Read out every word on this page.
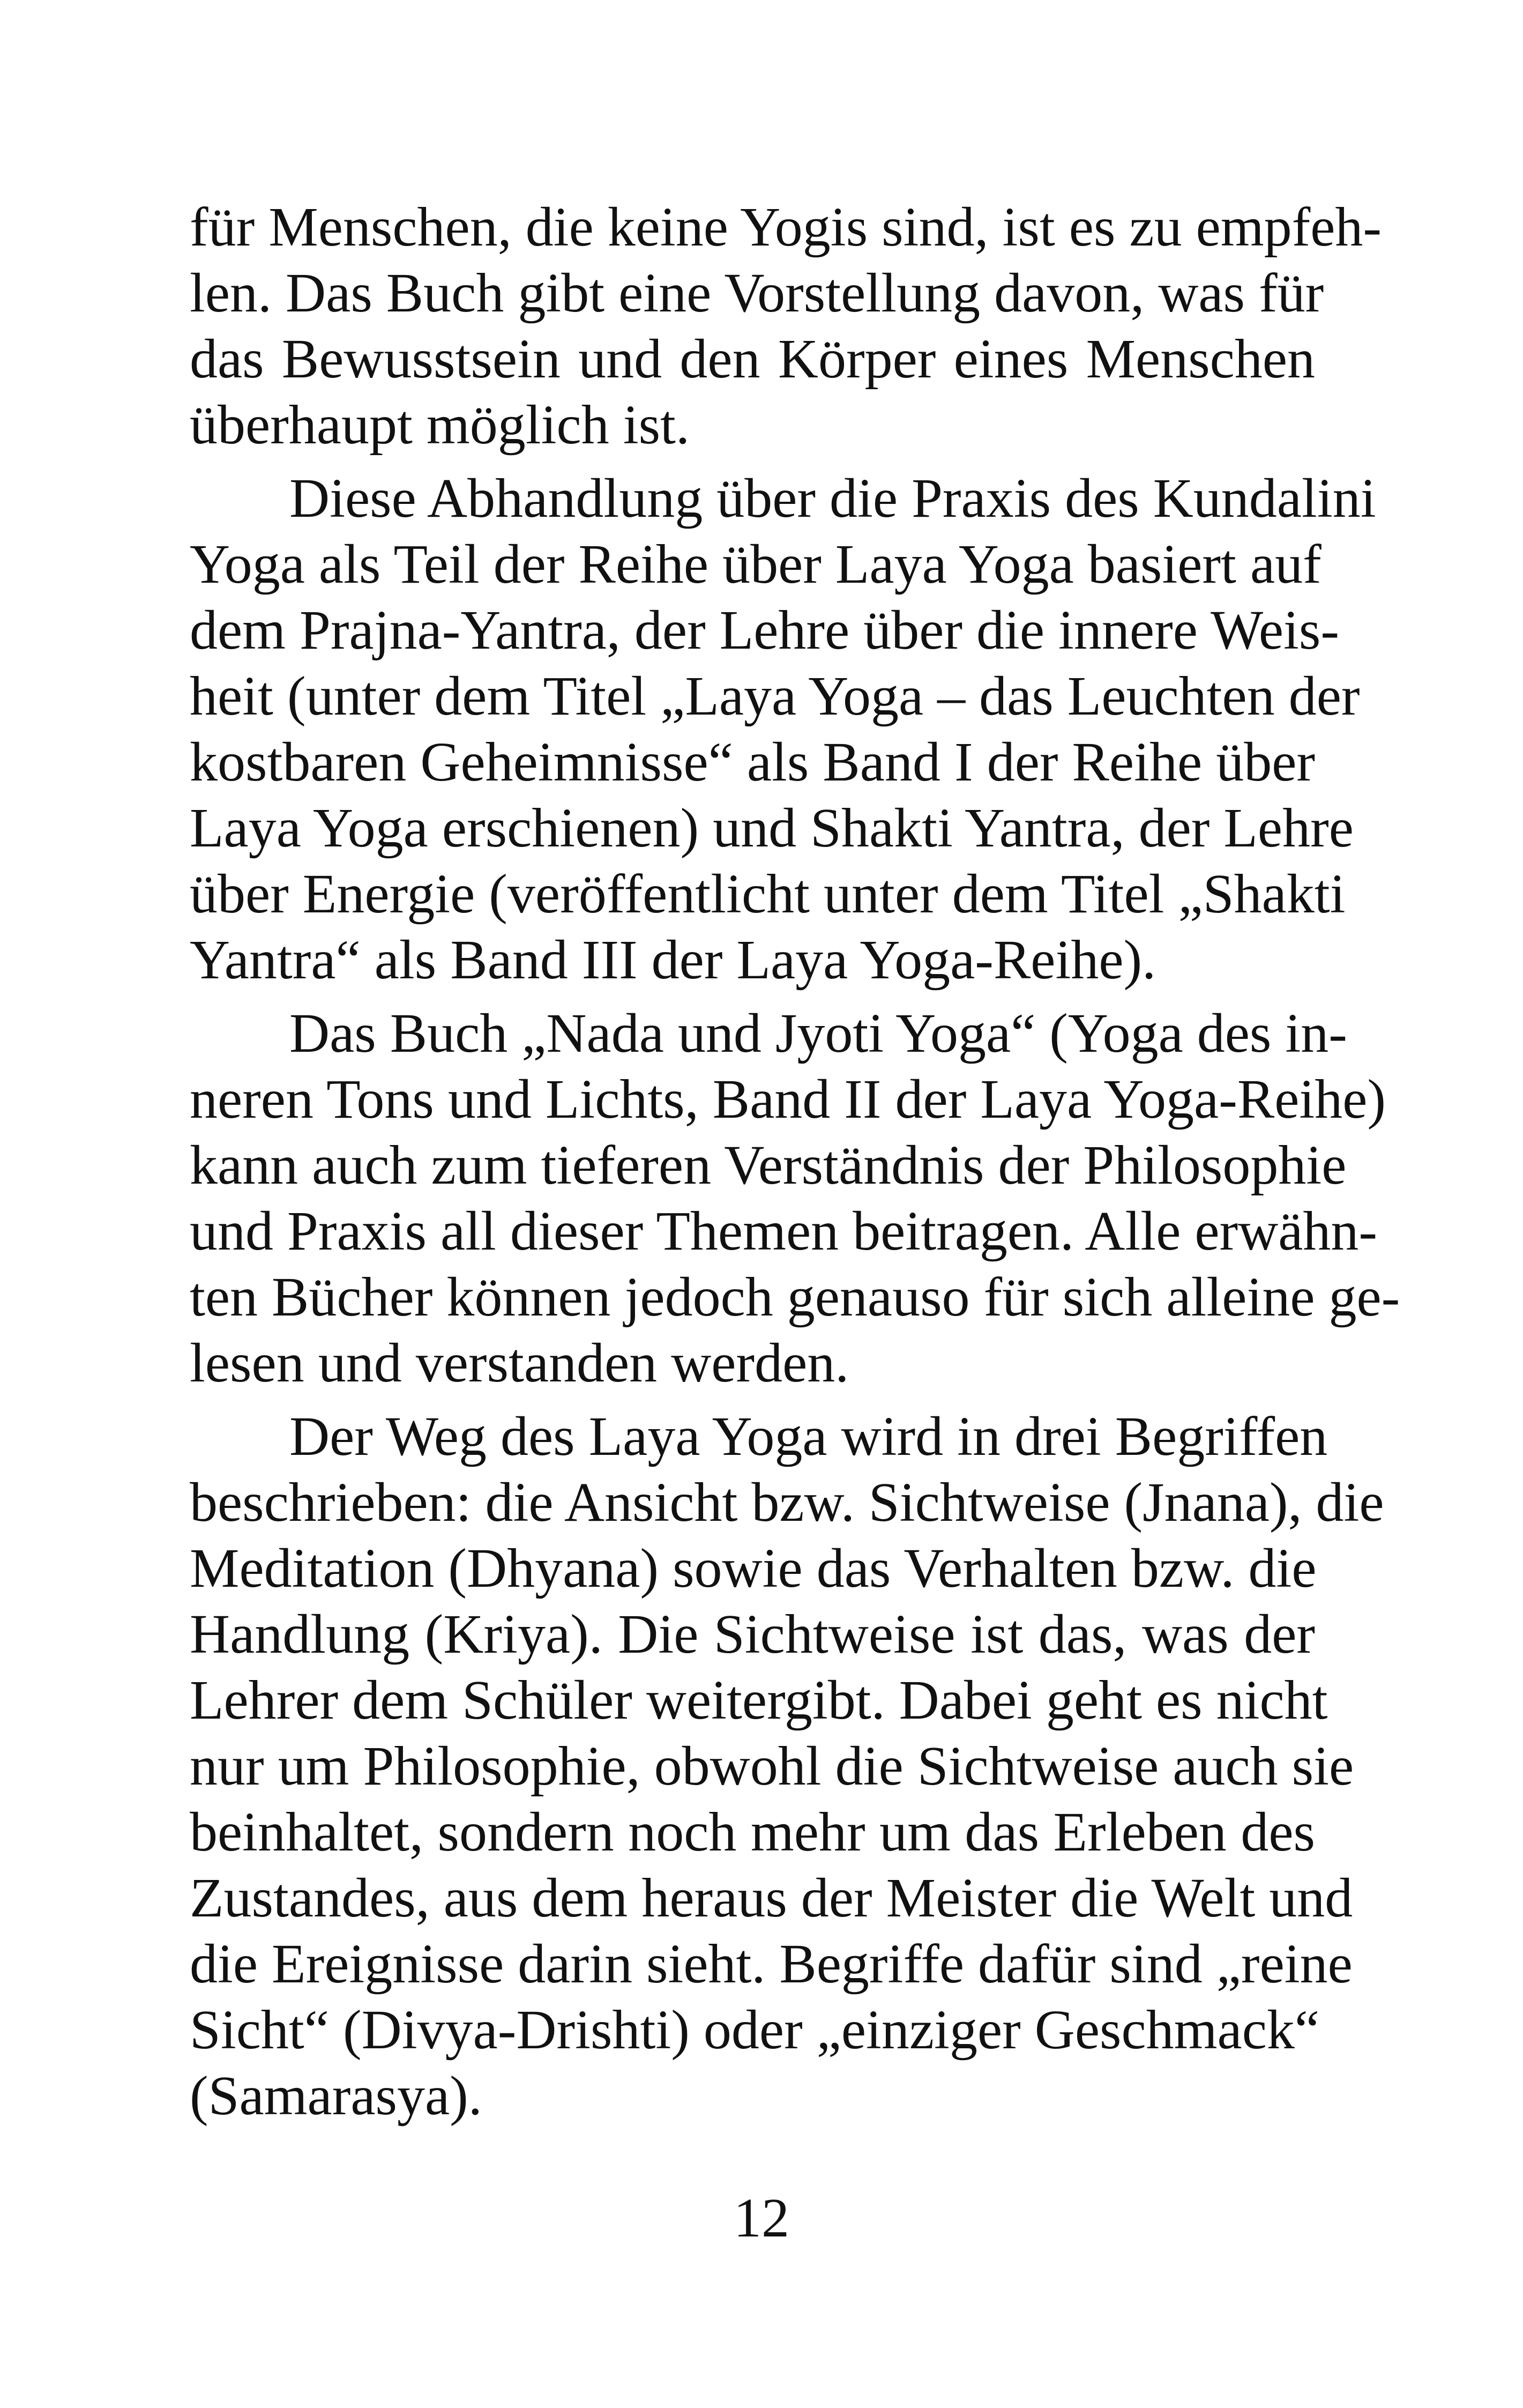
für Menschen, die keine Yogis sind, ist es zu empfeh-
len. Das Buch gibt eine Vorstellung davon, was für
das Bewusstsein und den Körper eines Menschen
überhaupt möglich ist.
Diese Abhandlung über die Praxis des Kundalini
Yoga als Teil der Reihe über Laya Yoga basiert auf
dem Prajna-Yantra, der Lehre über die innere Weis-
heit (unter dem Titel „Laya Yoga – das Leuchten der
kostbaren Geheimnisse“ als Band I der Reihe über
Laya Yoga erschienen) und Shakti Yantra, der Lehre
über Energie (veröffentlicht unter dem Titel „Shakti
Yantra“ als Band III der Laya Yoga-Reihe).
Das Buch „Nada und Jyoti Yoga“ (Yoga des in-
neren Tons und Lichts, Band II der Laya Yoga-Reihe)
kann auch zum tieferen Verständnis der Philosophie
und Praxis all dieser Themen beitragen. Alle erwähn-
ten Bücher können jedoch genauso für sich alleine ge-
lesen und verstanden werden.
Der Weg des Laya Yoga wird in drei Begriffen
beschrieben: die Ansicht bzw. Sichtweise (Jnana), die
Meditation (Dhyana) sowie das Verhalten bzw. die
Handlung (Kriya). Die Sichtweise ist das, was der
Lehrer dem Schüler weitergibt. Dabei geht es nicht
nur um Philosophie, obwohl die Sichtweise auch sie
beinhaltet, sondern noch mehr um das Erleben des
Zustandes, aus dem heraus der Meister die Welt und
die Ereignisse darin sieht. Begriffe dafür sind „reine
Sicht“ (Divya-Drishti) oder „einziger Geschmack“
(Samarasya).
12
